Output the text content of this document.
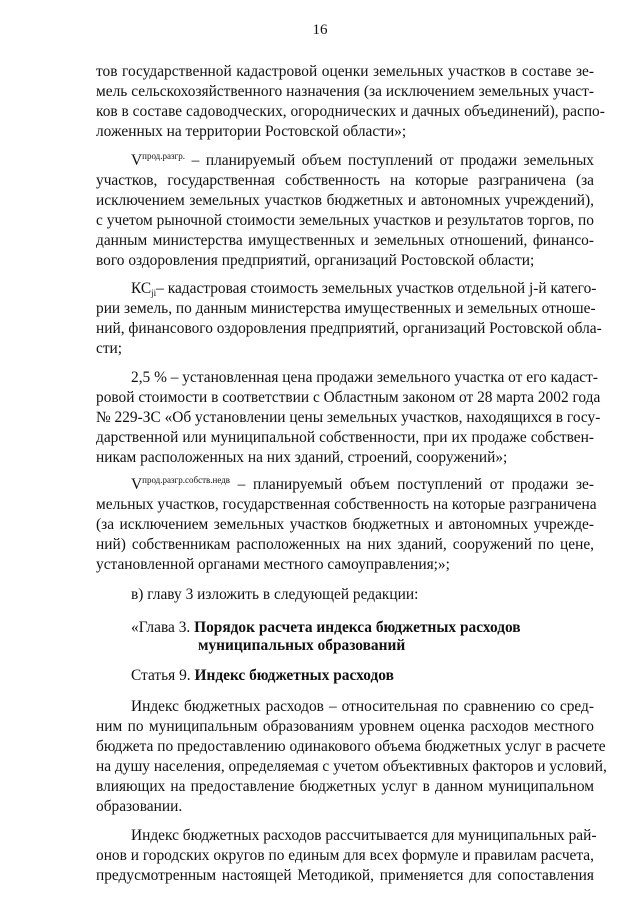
16
тов государственной кадастровой оценки земельных участков в составе зе-
мель сельскохозяйственного назначения (за исключением земельных участ-
ков в составе садоводческих, огороднических и дачных объединений), распо-
ложенных на территории Ростовской области»;
$V^{прод.разгр.}$ – планируемый объем поступлений от продажи земельных
участков, государственная собственность на которые разграничена (за
исключением земельных участков бюджетных и автономных учреждений),
с учетом рыночной стоимости земельных участков и результатов торгов, по
данным министерства имущественных и земельных отношений, финансо-
вого оздоровления предприятий, организаций Ростовской области;
КСjі– кадастровая стоимость земельных участков отдельной j-й катего-
рии земель, по данным министерства имущественных и земельных отноше-
ний, финансового оздоровления предприятий, организаций Ростовской обла-
сти;
2,5 % – установленная цена продажи земельного участка от его кадаст-
ровой стоимости в соответствии с Областным законом от 28 марта 2002 года
№ 229-ЗС «Об установлении цены земельных участков, находящихся в госу-
дарственной или муниципальной собственности, при их продаже собствен-
никам расположенных на них зданий, строений, сооружений»;
$V^{прод.разгр.собств.недв}$ – планируемый объем поступлений от продажи зе-
мельных участков, государственная собственность на которые разграничена
(за исключением земельных участков бюджетных и автономных учрежде-
ний) собственникам расположенных на них зданий, сооружений по цене,
установленной органами местного самоуправления;»;
в) главу 3 изложить в следующей редакции:
«Глава 3. Порядок расчета индекса бюджетных расходов
муниципальных образований
Статья 9. Индекс бюджетных расходов
Индекс бюджетных расходов – относительная по сравнению со сред-
ним по муниципальным образованиям уровнем оценка расходов местного
бюджета по предоставлению одинакового объема бюджетных услуг в расчете
на душу населения, определяемая с учетом объективных факторов и условий,
влияющих на предоставление бюджетных услуг в данном муниципальном
образовании.
Индекс бюджетных расходов рассчитывается для муниципальных рай-
онов и городских округов по единым для всех формуле и правилам расчета,
предусмотренным настоящей Методикой, применяется для сопоставления
